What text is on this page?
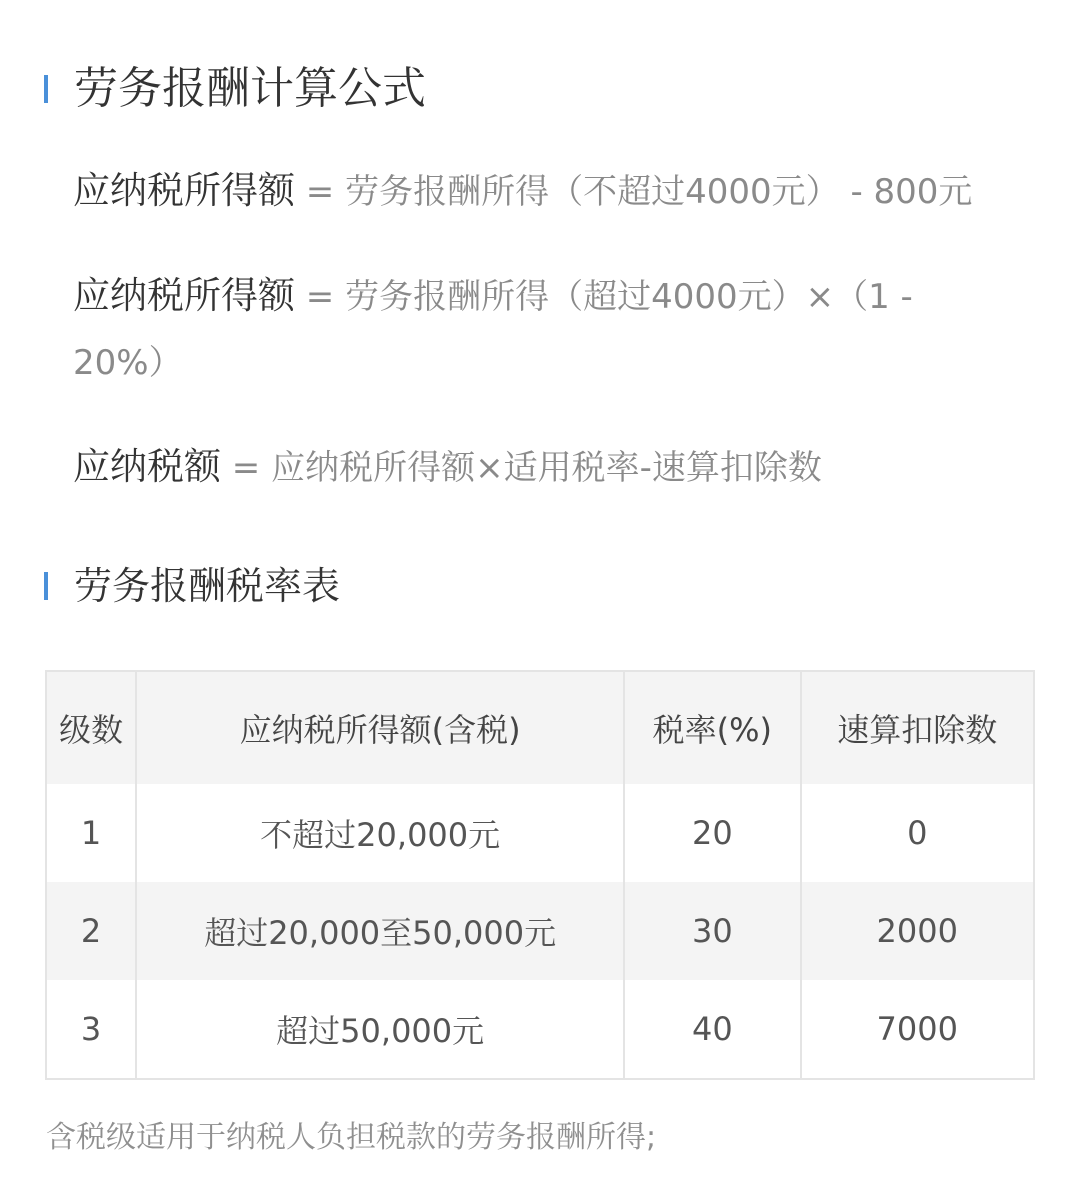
劳务报酬计算公式
应纳税所得额 = 劳务报酬所得（不超过4000元） - 800元
应纳税所得额 = 劳务报酬所得（超过4000元）×（1 - 20%）
应纳税额 = 应纳税所得额×适用税率-速算扣除数
劳务报酬税率表
级数	应纳税所得额(含税)	税率(%)	速算扣除数
1	不超过20,000元	20	0
2	超过20,000至50,000元	30	2000
3	超过50,000元	40	7000
含税级适用于纳税人负担税款的劳务报酬所得;
